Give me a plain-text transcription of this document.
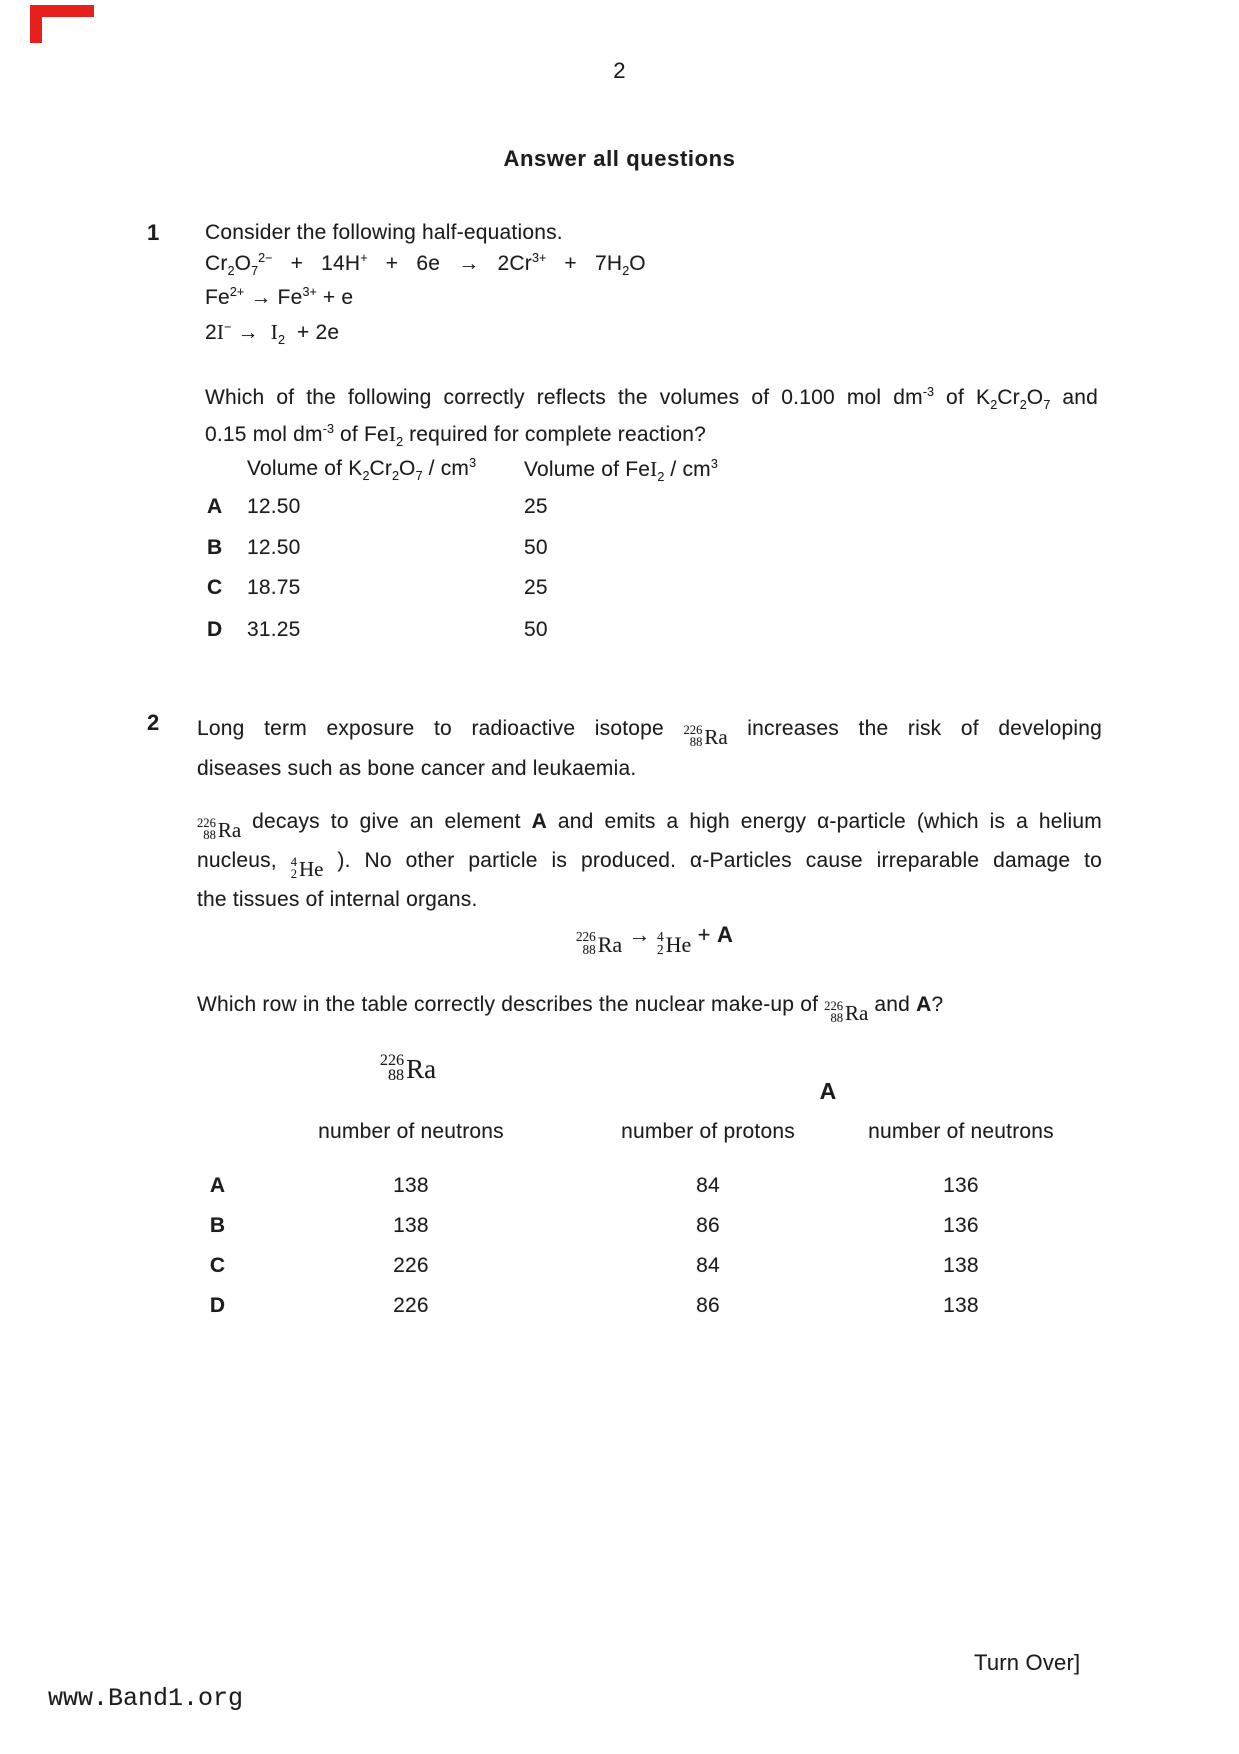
2
Answer all questions
1 Consider the following half-equations.
$Cr_2O_7^{2-} + 14H^+ + 6e \to 2Cr^{3+} + 7H_2O$
$Fe^{2+} \to Fe^{3+} + e$
$2I^- \to I_2 + 2e$
Which of the following correctly reflects the volumes of 0.100 mol $dm^{-3}$ of $K_2Cr_2O_7$ and
0.15 mol $dm^{-3}$ of FeI$_2$ required for complete reaction?
Volume of $K_2Cr_2O_7 / cm^3$ Volume of $FeI_2 / cm^3$
A 12.50	25
B 12.50	50
C 18.75	25
D 31.25	50
2 Long term exposure to radioactive isotope 226
88 Ra increases the risk of developing
diseases such as bone cancer and leukaemia.
226
88 Ra decays to give an element A and emits a high energy α-particle (which is a helium
nucleus, 4
2 He ). No other particle is produced. α-Particles cause irreparable damage to
the tissues of internal organs.
226
88 Ra → 4
2 He + A
Which row in the table correctly describes the nuclear make-up of 226
88 Ra and A?
226
88 Ra
A
number of neutrons	number of protons	number of neutrons
A	138	84	136
B	138	86	136
C	226	84	138
D	226	86	138
Turn Over]
www.Band1.org
